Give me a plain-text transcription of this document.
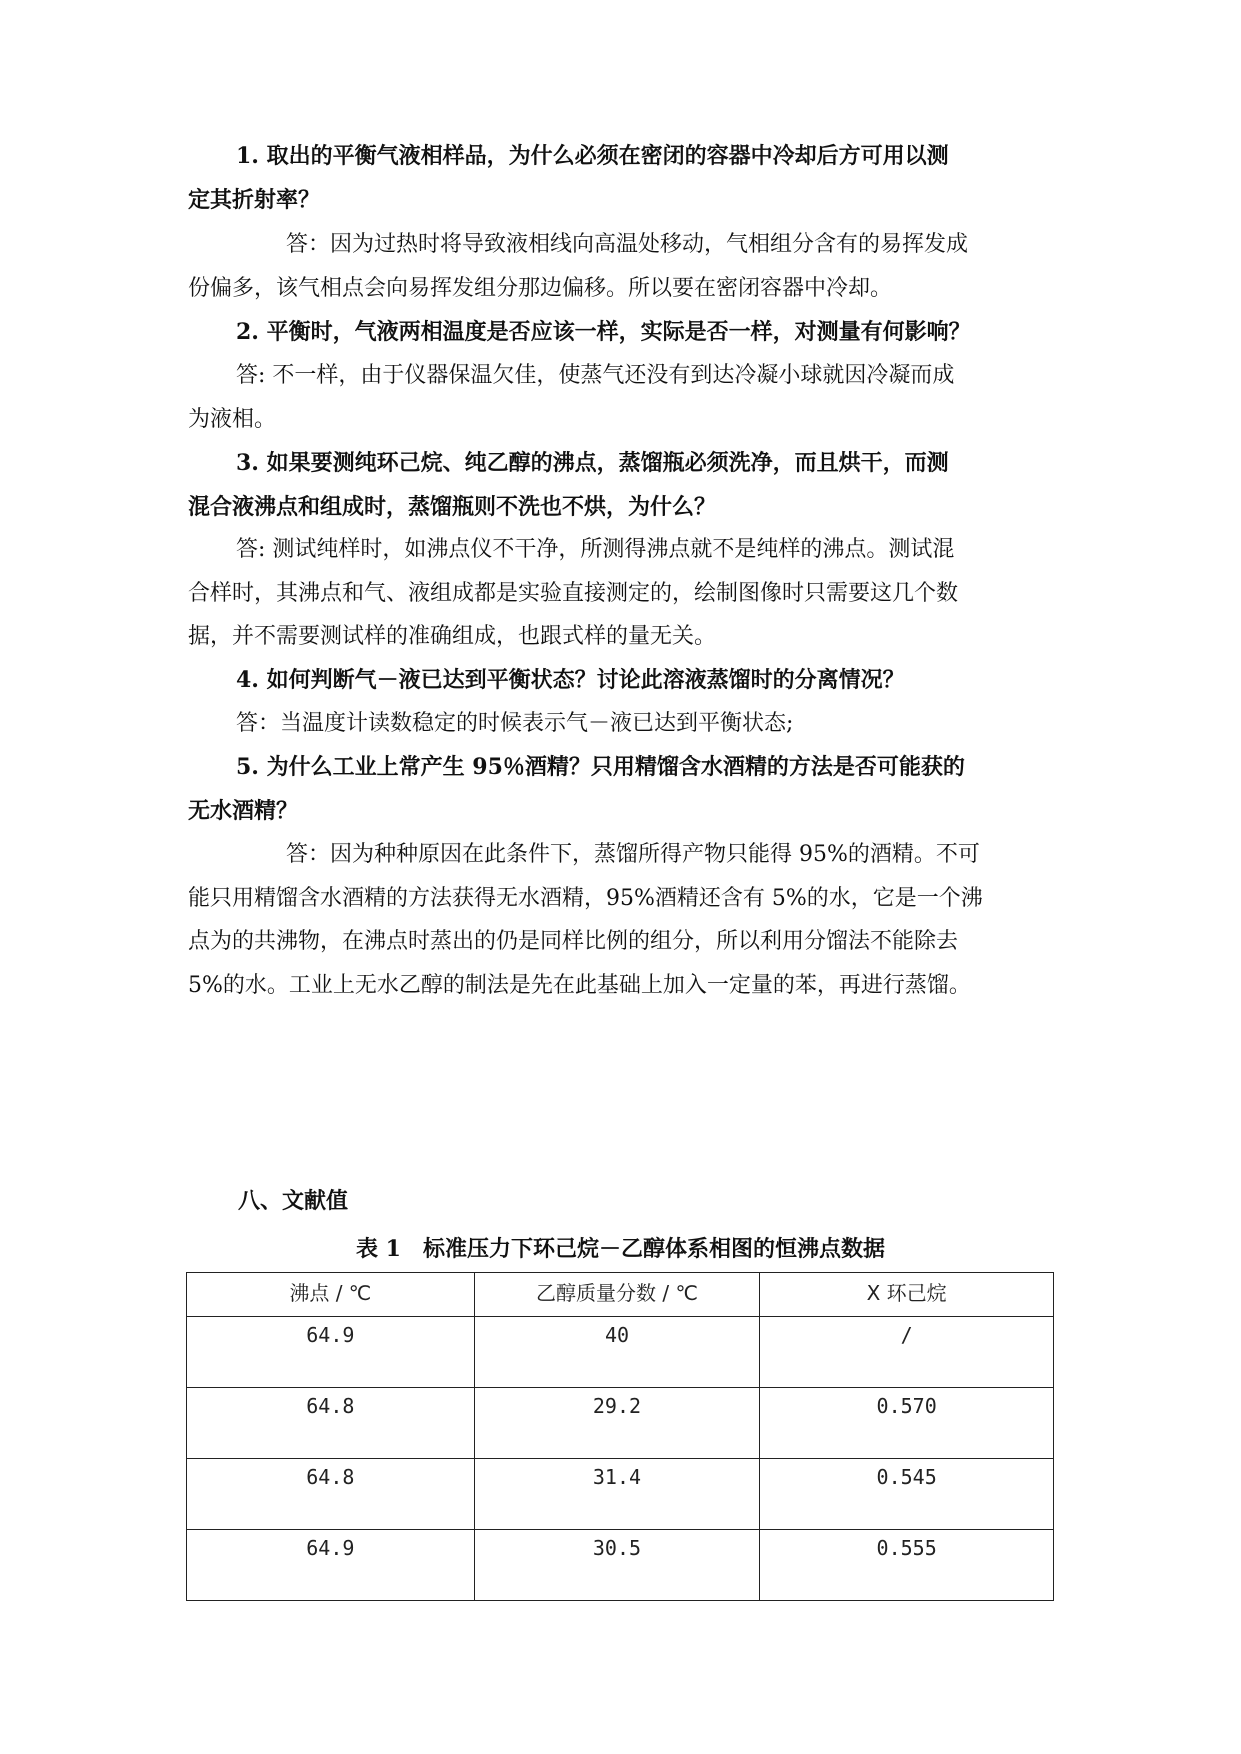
1. 取出的平衡气液相样品，为什么必须在密闭的容器中冷却后方可用以测
定其折射率？
答：因为过热时将导致液相线向高温处移动，气相组分含有的易挥发成
份偏多，该气相点会向易挥发组分那边偏移。所以要在密闭容器中冷却。
2. 平衡时，气液两相温度是否应该一样，实际是否一样，对测量有何影响？
答: 不一样，由于仪器保温欠佳，使蒸气还没有到达冷凝小球就因冷凝而成
为液相。
3. 如果要测纯环己烷、纯乙醇的沸点，蒸馏瓶必须洗净，而且烘干，而测
混合液沸点和组成时，蒸馏瓶则不洗也不烘，为什么？
答: 测试纯样时，如沸点仪不干净，所测得沸点就不是纯样的沸点。测试混
合样时，其沸点和气、液组成都是实验直接测定的，绘制图像时只需要这几个数
据，并不需要测试样的准确组成，也跟式样的量无关。
4. 如何判断气－液已达到平衡状态？讨论此溶液蒸馏时的分离情况？
答：当温度计读数稳定的时候表示气－液已达到平衡状态;
5. 为什么工业上常产生 95％酒精？只用精馏含水酒精的方法是否可能获的
无水酒精？
答：因为种种原因在此条件下，蒸馏所得产物只能得 95%的酒精。不可
能只用精馏含水酒精的方法获得无水酒精，95%酒精还含有 5%的水，它是一个沸
点为的共沸物，在沸点时蒸出的仍是同样比例的组分，所以利用分馏法不能除去
5%的水。工业上无水乙醇的制法是先在此基础上加入一定量的苯，再进行蒸馏。
八、文献值
表 1　标准压力下环己烷－乙醇体系相图的恒沸点数据
沸点 / ℃	乙醇质量分数 / ℃	X 环己烷
64.9	40	/
64.8	29.2	0.570
64.8	31.4	0.545
64.9	30.5	0.555
